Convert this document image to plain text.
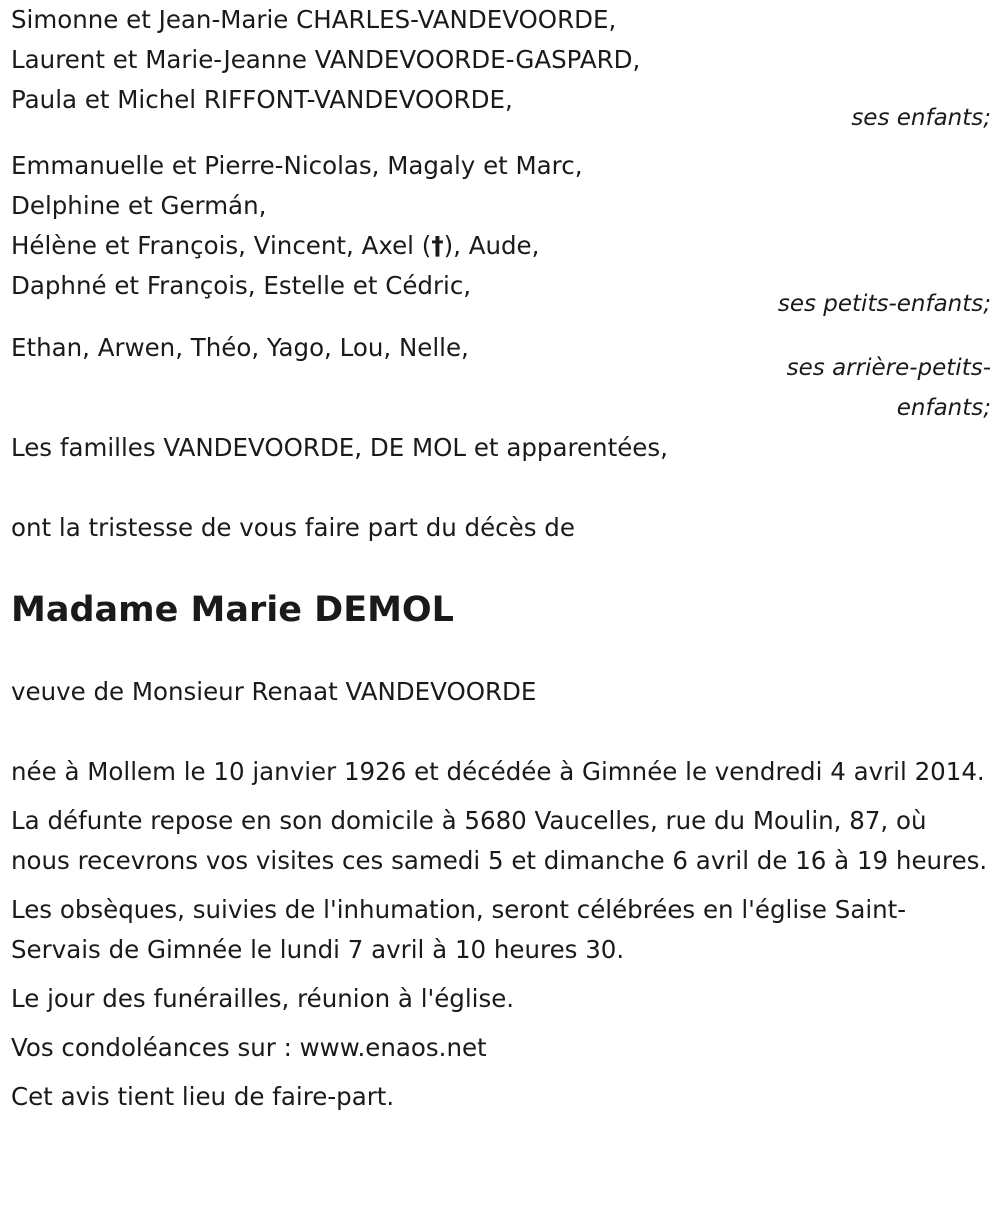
Simonne et Jean-Marie CHARLES-VANDEVOORDE,
Laurent et Marie-Jeanne VANDEVOORDE-GASPARD,
Paula et Michel RIFFONT-VANDEVOORDE,
ses enfants;
Emmanuelle et Pierre-Nicolas, Magaly et Marc,
Delphine et Germán,
Hélène et François, Vincent, Axel (†), Aude,
Daphné et François, Estelle et Cédric,
ses petits-enfants;
Ethan, Arwen, Théo, Yago, Lou, Nelle,
ses arrière-petits-
enfants;
Les familles VANDEVOORDE, DE MOL et apparentées,
ont la tristesse de vous faire part du décès de
Madame Marie DEMOL
veuve de Monsieur Renaat VANDEVOORDE
née à Mollem le 10 janvier 1926 et décédée à Gimnée le vendredi 4 avril 2014.
La défunte repose en son domicile à 5680 Vaucelles, rue du Moulin, 87, où nous recevrons vos visites ces samedi 5 et dimanche 6 avril de 16 à 19 heures.
Les obsèques, suivies de l'inhumation, seront célébrées en l'église Saint-Servais de Gimnée le lundi 7 avril à 10 heures 30.
Le jour des funérailles, réunion à l'église.
Vos condoléances sur : www.enaos.net
Cet avis tient lieu de faire-part.
